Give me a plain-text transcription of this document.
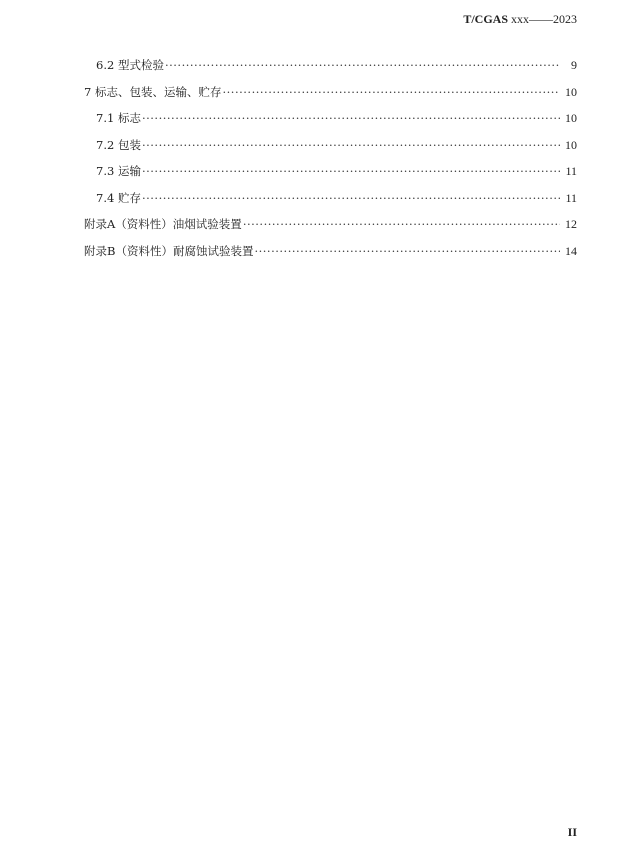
T/CGAS xxx——2023
6.2 型式检验 ·····	9
7 标志、包装、运输、贮存 ·····	10
7.1 标志 ·····	10
7.2 包装 ·····	10
7.3 运输 ·····	11
7.4 贮存 ·····	11
附录A（资料性）油烟试验装置 ·····	12
附录B（资料性）耐腐蚀试验装置 ·····	14
II
